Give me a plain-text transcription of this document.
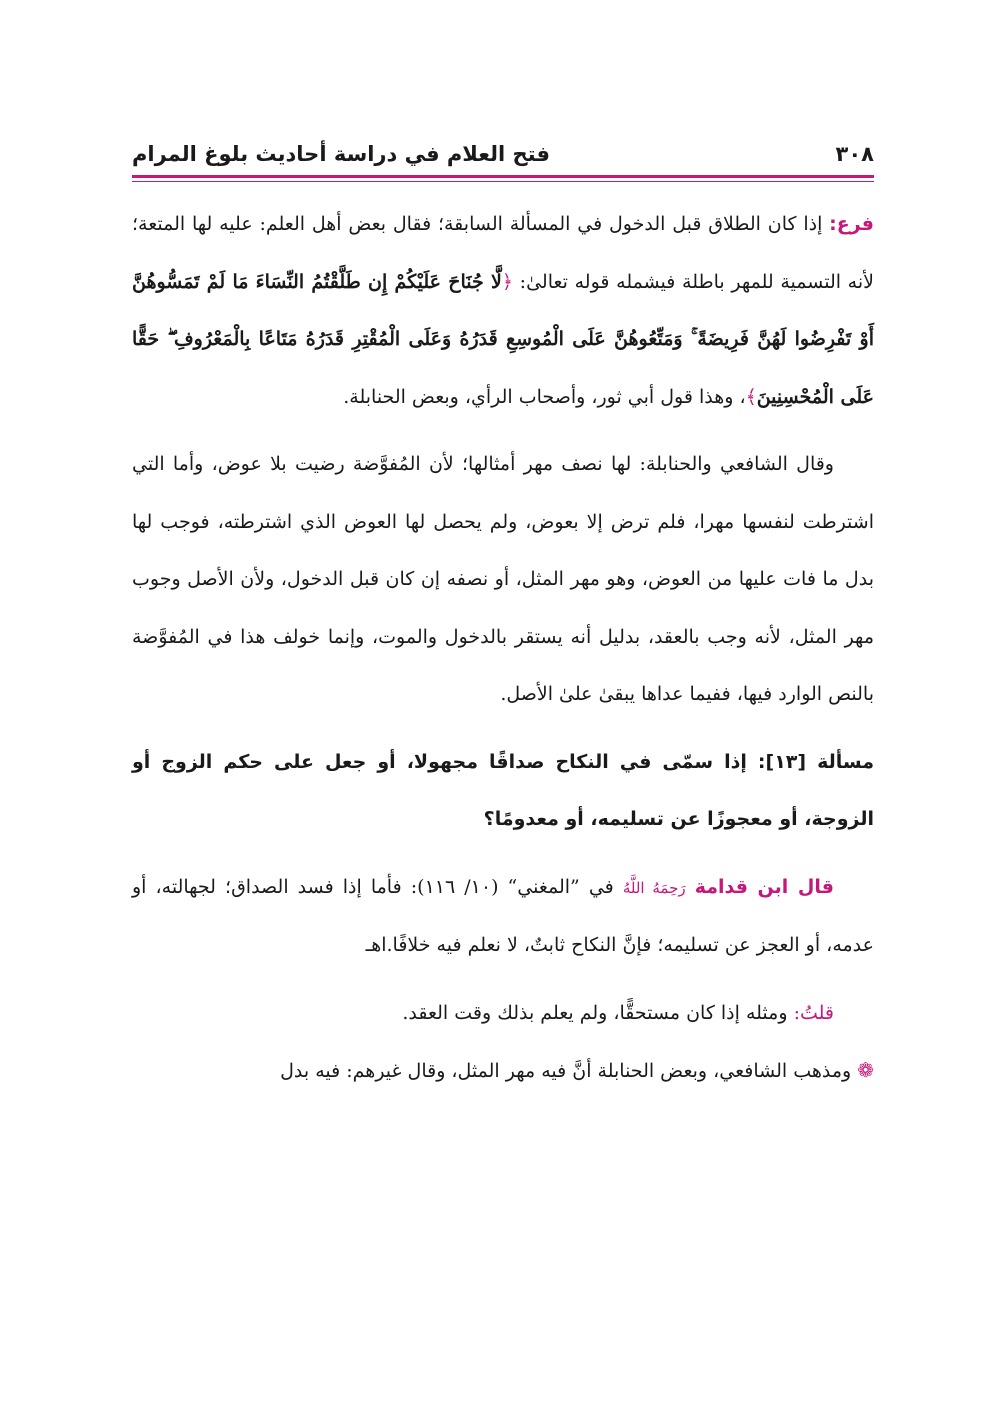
٣٠٨
فتح العلام في دراسة أحاديث بلوغ المرام

فرع: إذا كان الطلاق قبل الدخول في المسألة السابقة؛ فقال بعض أهل العلم: عليه لها المتعة؛ لأنه التسمية للمهر باطلة فيشمله قوله تعالىٰ: ﴿لَّا جُنَاحَ عَلَيْكُمْ إِن طَلَّقْتُمُ النِّسَاءَ مَا لَمْ تَمَسُّوهُنَّ أَوْ تَفْرِضُوا لَهُنَّ فَرِيضَةً ۚ وَمَتِّعُوهُنَّ عَلَى الْمُوسِعِ قَدَرُهُ وَعَلَى الْمُقْتِرِ قَدَرُهُ مَتَاعًا بِالْمَعْرُوفِ ۖ حَقًّا عَلَى الْمُحْسِنِينَ﴾، وهذا قول أبي ثور، وأصحاب الرأي، وبعض الحنابلة.

وقال الشافعي والحنابلة: لها نصف مهر أمثالها؛ لأن المُفوَّضة رضيت بلا عوض، وأما التي اشترطت لنفسها مهرا، فلم ترض إلا بعوض، ولم يحصل لها العوض الذي اشترطته، فوجب لها بدل ما فات عليها من العوض، وهو مهر المثل، أو نصفه إن كان قبل الدخول، ولأن الأصل وجوب مهر المثل، لأنه وجب بالعقد، بدليل أنه يستقر بالدخول والموت، وإنما خولف هذا في المُفوَّضة بالنص الوارد فيها، ففيما عداها يبقىٰ علىٰ الأصل.

مسألة [١٣]: إذا سمّى في النكاح صداقًا مجهولا، أو جعل على حكم الزوج أو الزوجة، أو معجوزًا عن تسليمه، أو معدومًا؟

قال ابن قدامة رَحِمَهُ اللَّهُ في ”المغني“ (١٠/ ١١٦): فأما إذا فسد الصداق؛ لجهالته، أو عدمه، أو العجز عن تسليمه؛ فإنَّ النكاح ثابتٌ، لا نعلم فيه خلافًا.اهـ

قلتُ: ومثله إذا كان مستحقًّا، ولم يعلم بذلك وقت العقد.

❁ ومذهب الشافعي، وبعض الحنابلة أنَّ فيه مهر المثل، وقال غيرهم: فيه بدل
